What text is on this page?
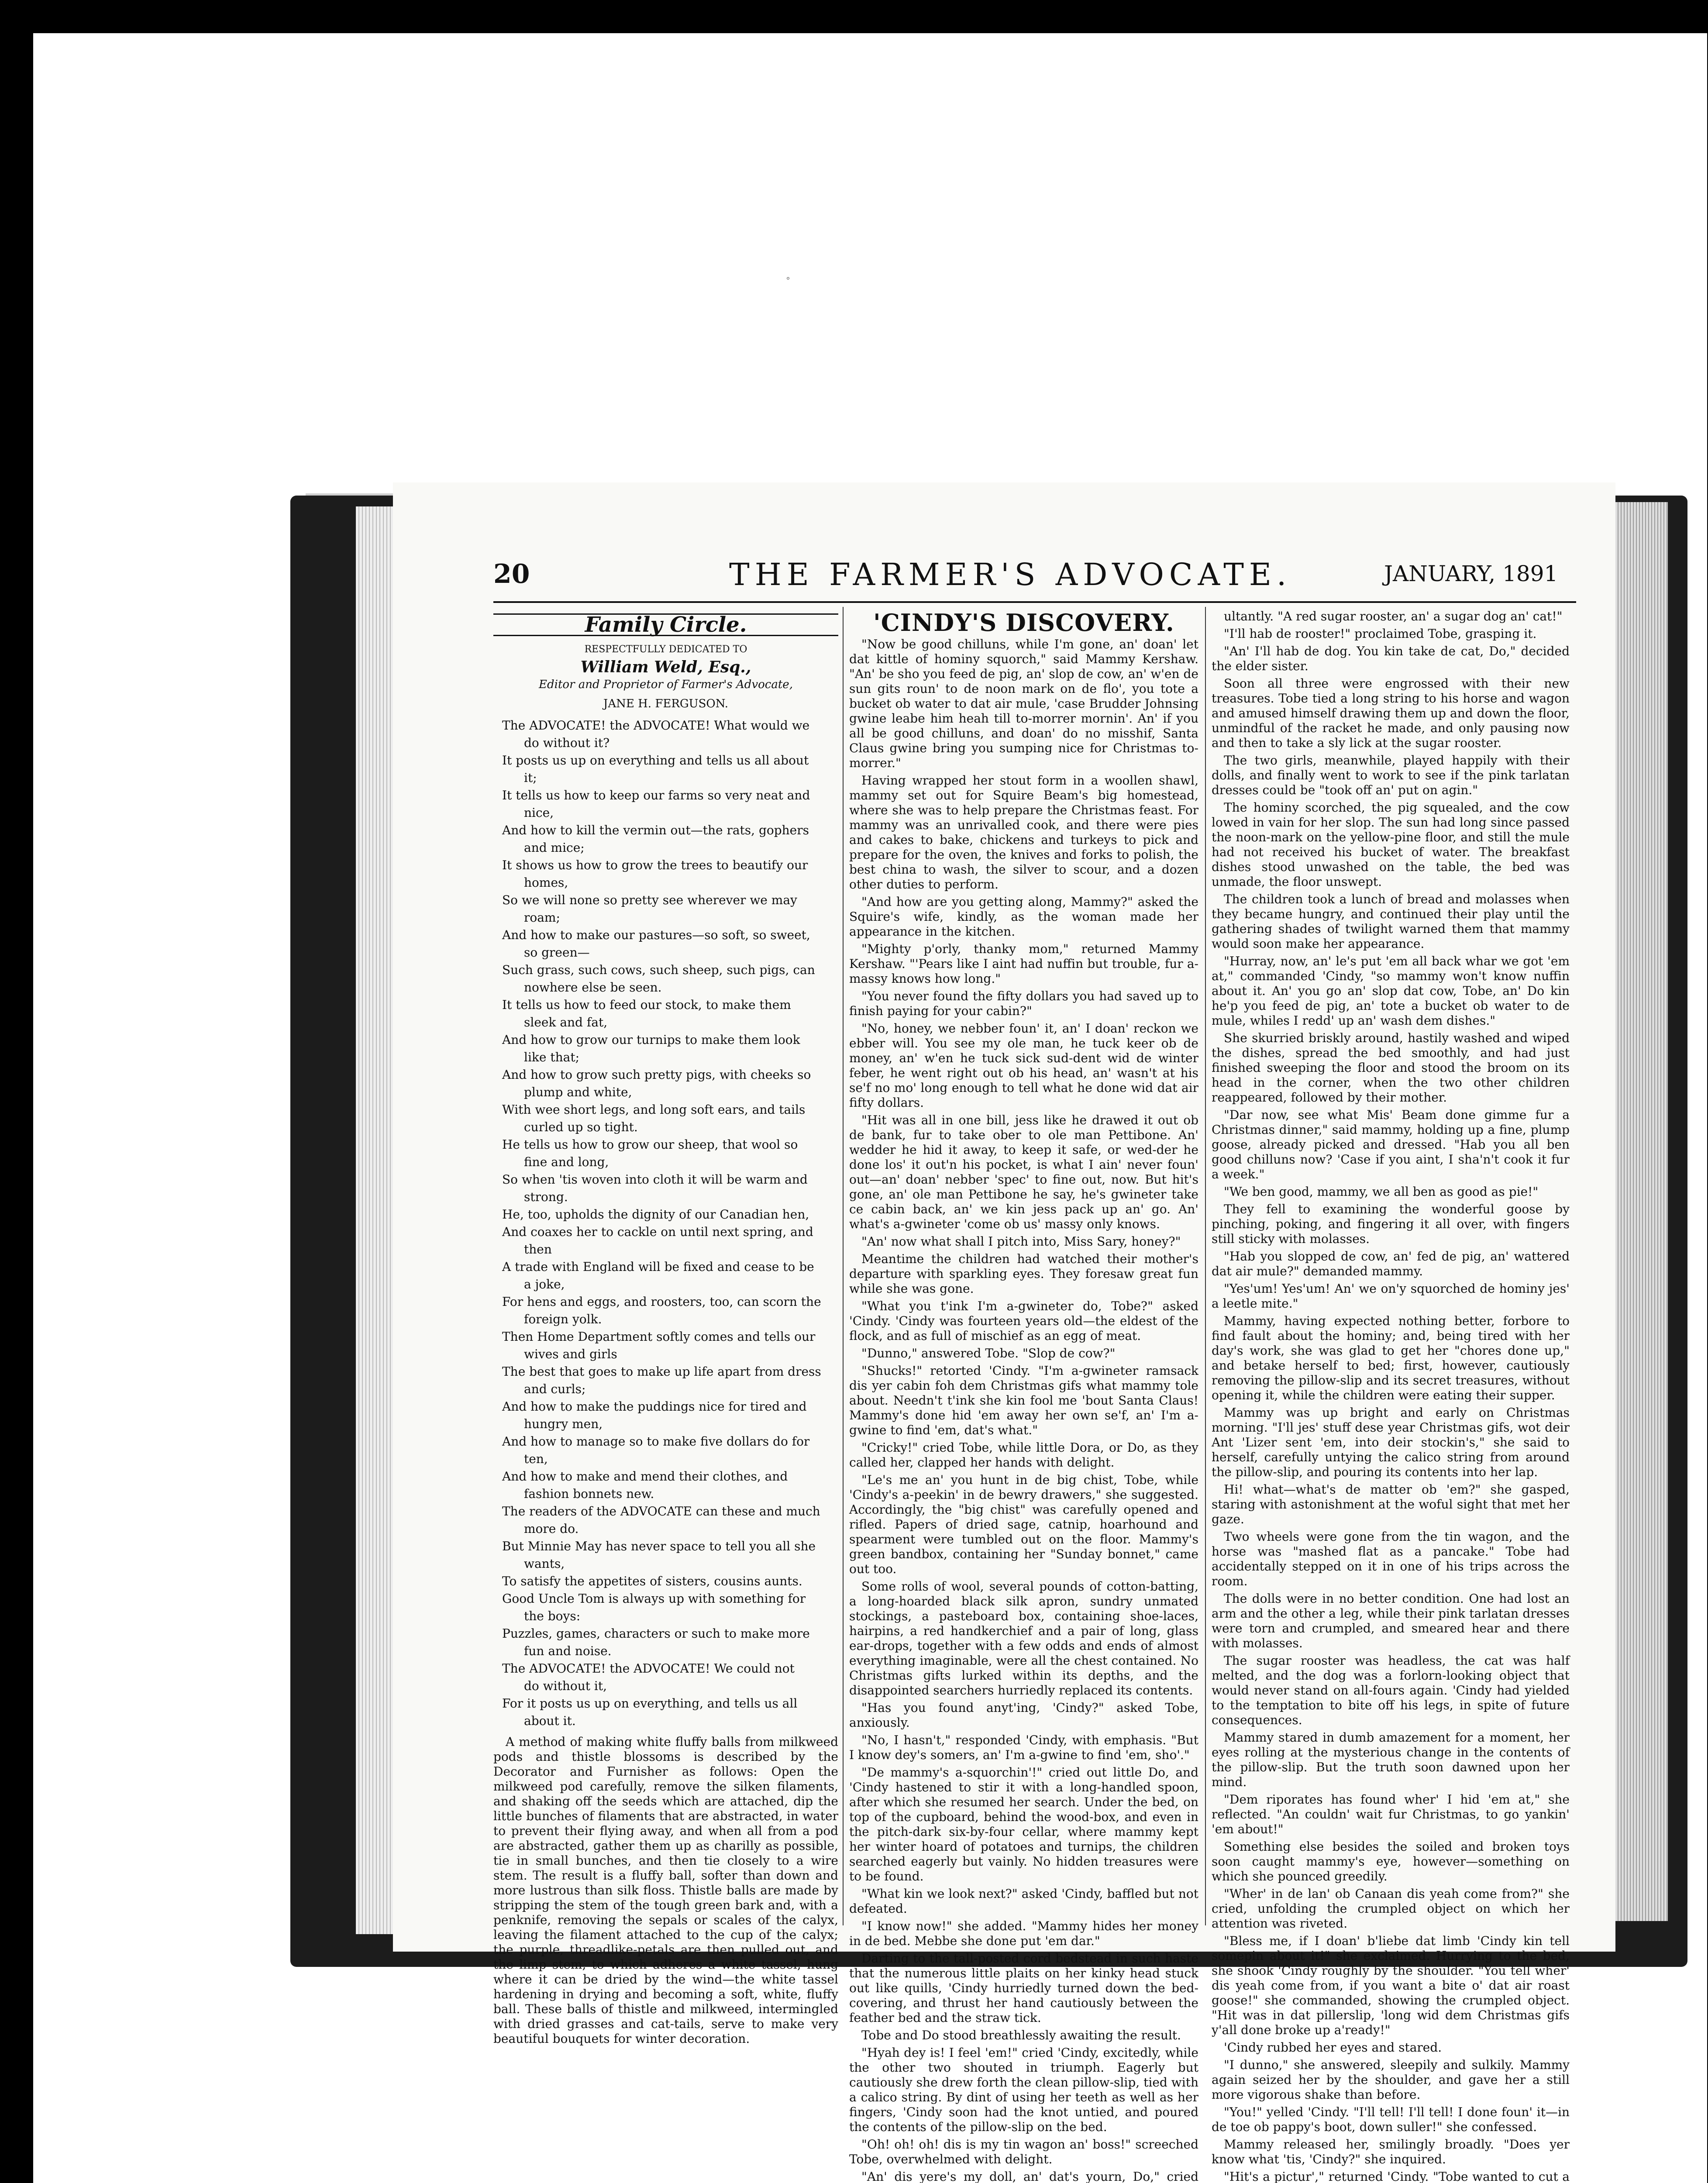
20	THE FARMER'S ADVOCATE.	JANUARY, 1891
Family Circle.
RESPECTFULLY DEDICATED TO
William Weld, Esq.,
Editor and Proprietor of Farmer's Advocate,
JANE H. FERGUSON.

The ADVOCATE! the ADVOCATE! What would we

do without it?

It posts us up on everything and tells us all about

it;

It tells us how to keep our farms so very neat and

nice,

And how to kill the vermin out—the rats, gophers

and mice;

It shows us how to grow the trees to beautify our

homes,

So we will none so pretty see wherever we may

roam;

And how to make our pastures—so soft, so sweet,

so green—

Such grass, such cows, such sheep, such pigs, can

nowhere else be seen.

It tells us how to feed our stock, to make them

sleek and fat,

And how to grow our turnips to make them look

like that;

And how to grow such pretty pigs, with cheeks so

plump and white,

With wee short legs, and long soft ears, and tails

curled up so tight.

He tells us how to grow our sheep, that wool so

fine and long,

So when 'tis woven into cloth it will be warm and

strong.

He, too, upholds the dignity of our Canadian hen,

And coaxes her to cackle on until next spring, and

then

A trade with England will be fixed and cease to be

a joke,

For hens and eggs, and roosters, too, can scorn the

foreign yolk.

Then Home Department softly comes and tells our

wives and girls

The best that goes to make up life apart from dress

and curls;

And how to make the puddings nice for tired and

hungry men,

And how to manage so to make five dollars do for

ten,

And how to make and mend their clothes, and

fashion bonnets new.

The readers of the ADVOCATE can these and much

more do.

But Minnie May has never space to tell you all she

wants,

To satisfy the appetites of sisters, cousins aunts.

Good Uncle Tom is always up with something for

the boys:

Puzzles, games, characters or such to make more

fun and noise.

The ADVOCATE! the ADVOCATE! We could not

do without it,

For it posts us up on everything, and tells us all

about it.

A method of making white fluffy balls from milkweed pods and thistle blossoms is described by the Decorator and Furnisher as follows: Open the milkweed pod carefully, remove the silken filaments, and shaking off the seeds which are attached, dip the little bunches of filaments that are abstracted, in water to prevent their flying away, and when all from a pod are abstracted, gather them up as charilly as possible, tie in small bunches, and then tie closely to a wire stem. The result is a fluffy ball, softer than down and more lustrous than silk floss. Thistle balls are made by stripping the stem of the tough green bark and, with a penknife, removing the sepals or scales of the calyx, leaving the filament attached to the cup of the calyx; the purple, threadlike-petals are then pulled out, and the limp stem, to which adheres a white tassel, hung where it can be dried by the wind—the white tassel hardening in drying and becoming a soft, white, fluffy ball. These balls of thistle and milkweed, intermingled with dried grasses and cat-tails, serve to make very beautiful bouquets for winter decoration.

'CINDY'S DISCOVERY.

"Now be good chilluns, while I'm gone, an' doan' let dat kittle of hominy squorch," said Mammy Kershaw. "An' be sho you feed de pig, an' slop de cow, an' w'en de sun gits roun' to de noon mark on de flo', you tote a bucket ob water to dat air mule, 'case Brudder Johnsing gwine leabe him heah till to-morrer mornin'. An' if you all be good chilluns, and doan' do no misshif, Santa Claus gwine bring you sumping nice for Christmas to-morrer."

Having wrapped her stout form in a woollen shawl, mammy set out for Squire Beam's big homestead, where she was to help prepare the Christmas feast. For mammy was an unrivalled cook, and there were pies and cakes to bake, chickens and turkeys to pick and prepare for the oven, the knives and forks to polish, the best china to wash, the silver to scour, and a dozen other duties to perform.

"And how are you getting along, Mammy?" asked the Squire's wife, kindly, as the woman made her appearance in the kitchen.

"Mighty p'orly, thanky mom," returned Mammy Kershaw. "'Pears like I aint had nuffin but trouble, fur a-massy knows how long."

"You never found the fifty dollars you had saved up to finish paying for your cabin?"

"No, honey, we nebber foun' it, an' I doan' reckon we ebber will. You see my ole man, he tuck keer ob de money, an' w'en he tuck sick sud-dent wid de winter feber, he went right out ob his head, an' wasn't at his se'f no mo' long enough to tell what he done wid dat air fifty dollars.

"Hit was all in one bill, jess like he drawed it out ob de bank, fur to take ober to ole man Pettibone. An' wedder he hid it away, to keep it safe, or wed-der he done los' it out'n his pocket, is what I ain' never foun' out—an' doan' nebber 'spec' to fine out, now. But hit's gone, an' ole man Pettibone he say, he's gwineter take ce cabin back, an' we kin jess pack up an' go. An' what's a-gwineter 'come ob us' massy only knows.

"An' now what shall I pitch into, Miss Sary, honey?"

Meantime the children had watched their mother's departure with sparkling eyes. They foresaw great fun while she was gone.

"What you t'ink I'm a-gwineter do, Tobe?" asked 'Cindy. 'Cindy was fourteen years old—the eldest of the flock, and as full of mischief as an egg of meat.

"Dunno," answered Tobe. "Slop de cow?"

"Shucks!" retorted 'Cindy. "I'm a-gwineter ramsack dis yer cabin foh dem Christmas gifs what mammy tole about. Needn't t'ink she kin fool me 'bout Santa Claus! Mammy's done hid 'em away her own se'f, an' I'm a-gwine to find 'em, dat's what."

"Cricky!" cried Tobe, while little Dora, or Do, as they called her, clapped her hands with delight.

"Le's me an' you hunt in de big chist, Tobe, while 'Cindy's a-peekin' in de bewry drawers," she suggested. Accordingly, the "big chist" was carefully opened and rifled. Papers of dried sage, catnip, hoarhound and spearment were tumbled out on the floor. Mammy's green bandbox, containing her "Sunday bonnet," came out too.

Some rolls of wool, several pounds of cotton-batting, a long-hoarded black silk apron, sundry unmated stockings, a pasteboard box, containing shoe-laces, hairpins, a red handkerchief and a pair of long, glass ear-drops, together with a few odds and ends of almost everything imaginable, were all the chest contained. No Christmas gifts lurked within its depths, and the disappointed searchers hurriedly replaced its contents.

"Has you found anyt'ing, 'Cindy?" asked Tobe, anxiously.

"No, I hasn't," responded 'Cindy, with emphasis. "But I know dey's somers, an' I'm a-gwine to find 'em, sho'."

"De mammy's a-squorchin'!" cried out little Do, and 'Cindy hastened to stir it with a long-handled spoon, after which she resumed her search. Under the bed, on top of the cupboard, behind the wood-box, and even in the pitch-dark six-by-four cellar, where mammy kept her winter hoard of potatoes and turnips, the children searched eagerly but vainly. No hidden treasures were to be found.

"What kin we look next?" asked 'Cindy, baffled but not defeated.

"I know now!" she added. "Mammy hides her money in de bed. Mebbe she done put 'em dar."

Darting to the tall-posted cord bedstead in such haste that the numerous little plaits on her kinky head stuck out like quills, 'Cindy hurriedly turned down the bed-covering, and thrust her hand cautiously between the feather bed and the straw tick.

Tobe and Do stood breathlessly awaiting the result.

"Hyah dey is! I feel 'em!" cried 'Cindy, excitedly, while the other two shouted in triumph. Eagerly but cautiously she drew forth the clean pillow-slip, tied with a calico string. By dint of using her teeth as well as her fingers, 'Cindy soon had the knot untied, and poured the contents of the pillow-slip on the bed.

"Oh! oh! oh! dis is my tin wagon an' boss!" screeched Tobe, overwhelmed with delight.

"An' dis yere's my doll, an' dat's yourn, Do," cried

ultantly. "A red sugar rooster, an' a sugar dog an' cat!"

"I'll hab de rooster!" proclaimed Tobe, grasping it.

"An' I'll hab de dog. You kin take de cat, Do," decided the elder sister.

Soon all three were engrossed with their new treasures. Tobe tied a long string to his horse and wagon and amused himself drawing them up and down the floor, unmindful of the racket he made, and only pausing now and then to take a sly lick at the sugar rooster.

The two girls, meanwhile, played happily with their dolls, and finally went to work to see if the pink tarlatan dresses could be "took off an' put on agin."

The hominy scorched, the pig squealed, and the cow lowed in vain for her slop. The sun had long since passed the noon-mark on the yellow-pine floor, and still the mule had not received his bucket of water. The breakfast dishes stood unwashed on the table, the bed was unmade, the floor unswept.

The children took a lunch of bread and molasses when they became hungry, and continued their play until the gathering shades of twilight warned them that mammy would soon make her appearance.

"Hurray, now, an' le's put 'em all back whar we got 'em at," commanded 'Cindy, "so mammy won't know nuffin about it. An' you go an' slop dat cow, Tobe, an' Do kin he'p you feed de pig, an' tote a bucket ob water to de mule, whiles I redd' up an' wash dem dishes."

She skurried briskly around, hastily washed and wiped the dishes, spread the bed smoothly, and had just finished sweeping the floor and stood the broom on its head in the corner, when the two other children reappeared, followed by their mother.

"Dar now, see what Mis' Beam done gimme fur a Christmas dinner," said mammy, holding up a fine, plump goose, already picked and dressed. "Hab you all ben good chilluns now? 'Case if you aint, I sha'n't cook it fur a week."

"We ben good, mammy, we all ben as good as pie!"

They fell to examining the wonderful goose by pinching, poking, and fingering it all over, with fingers still sticky with molasses.

"Hab you slopped de cow, an' fed de pig, an' wattered dat air mule?" demanded mammy.

"Yes'um! Yes'um! An' we on'y squorched de hominy jes' a leetle mite."

Mammy, having expected nothing better, forbore to find fault about the hominy; and, being tired with her day's work, she was glad to get her "chores done up," and betake herself to bed; first, however, cautiously removing the pillow-slip and its secret treasures, without opening it, while the children were eating their supper.

Mammy was up bright and early on Christmas morning. "I'll jes' stuff dese year Christmas gifs, wot deir Ant 'Lizer sent 'em, into deir stockin's," she said to herself, carefully untying the calico string from around the pillow-slip, and pouring its contents into her lap.

Hi! what—what's de matter ob 'em?" she gasped, staring with astonishment at the woful sight that met her gaze.

Two wheels were gone from the tin wagon, and the horse was "mashed flat as a pancake." Tobe had accidentally stepped on it in one of his trips across the room.

The dolls were in no better condition. One had lost an arm and the other a leg, while their pink tarlatan dresses were torn and crumpled, and smeared hear and there with molasses.

The sugar rooster was headless, the cat was half melted, and the dog was a forlorn-looking object that would never stand on all-fours again. 'Cindy had yielded to the temptation to bite off his legs, in spite of future consequences.

Mammy stared in dumb amazement for a moment, her eyes rolling at the mysterious change in the contents of the pillow-slip. But the truth soon dawned upon her mind.

"Dem riporates has found wher' I hid 'em at," she reflected. "An couldn' wait fur Christmas, to go yankin' 'em about!"

Something else besides the soiled and broken toys soon caught mammy's eye, however—something on which she pounced greedily.

"Wher' in de lan' ob Canaan dis yeah come from?" she cried, unfolding the crumpled object on which her attention was riveted.

"Bless me, if I doan' b'liebe dat limb 'Cindy kin tell somepin about it!" she exclaimed. Hurrying to the bed, she shook 'Cindy roughly by the shoulder. "You tell wher' dis yeah come from, if you want a bite o' dat air roast goose!" she commanded, showing the crumpled object. "Hit was in dat pillerslip, 'long wid dem Christmas gifs y'all done broke up a'ready!"

'Cindy rubbed her eyes and stared.

"I dunno," she answered, sleepily and sulkily. Mammy again seized her by the shoulder, and gave her a still more vigorous shake than before.

"You!" yelled 'Cindy. "I'll tell! I'll tell! I done foun' it—in de toe ob pappy's boot, down suller!" she confessed.

Mammy released her, smilingly broadly. "Does yer know what 'tis, 'Cindy?" she inquired.

"Hit's a pictur'," returned 'Cindy. "Tobe wanted to cut a

°
